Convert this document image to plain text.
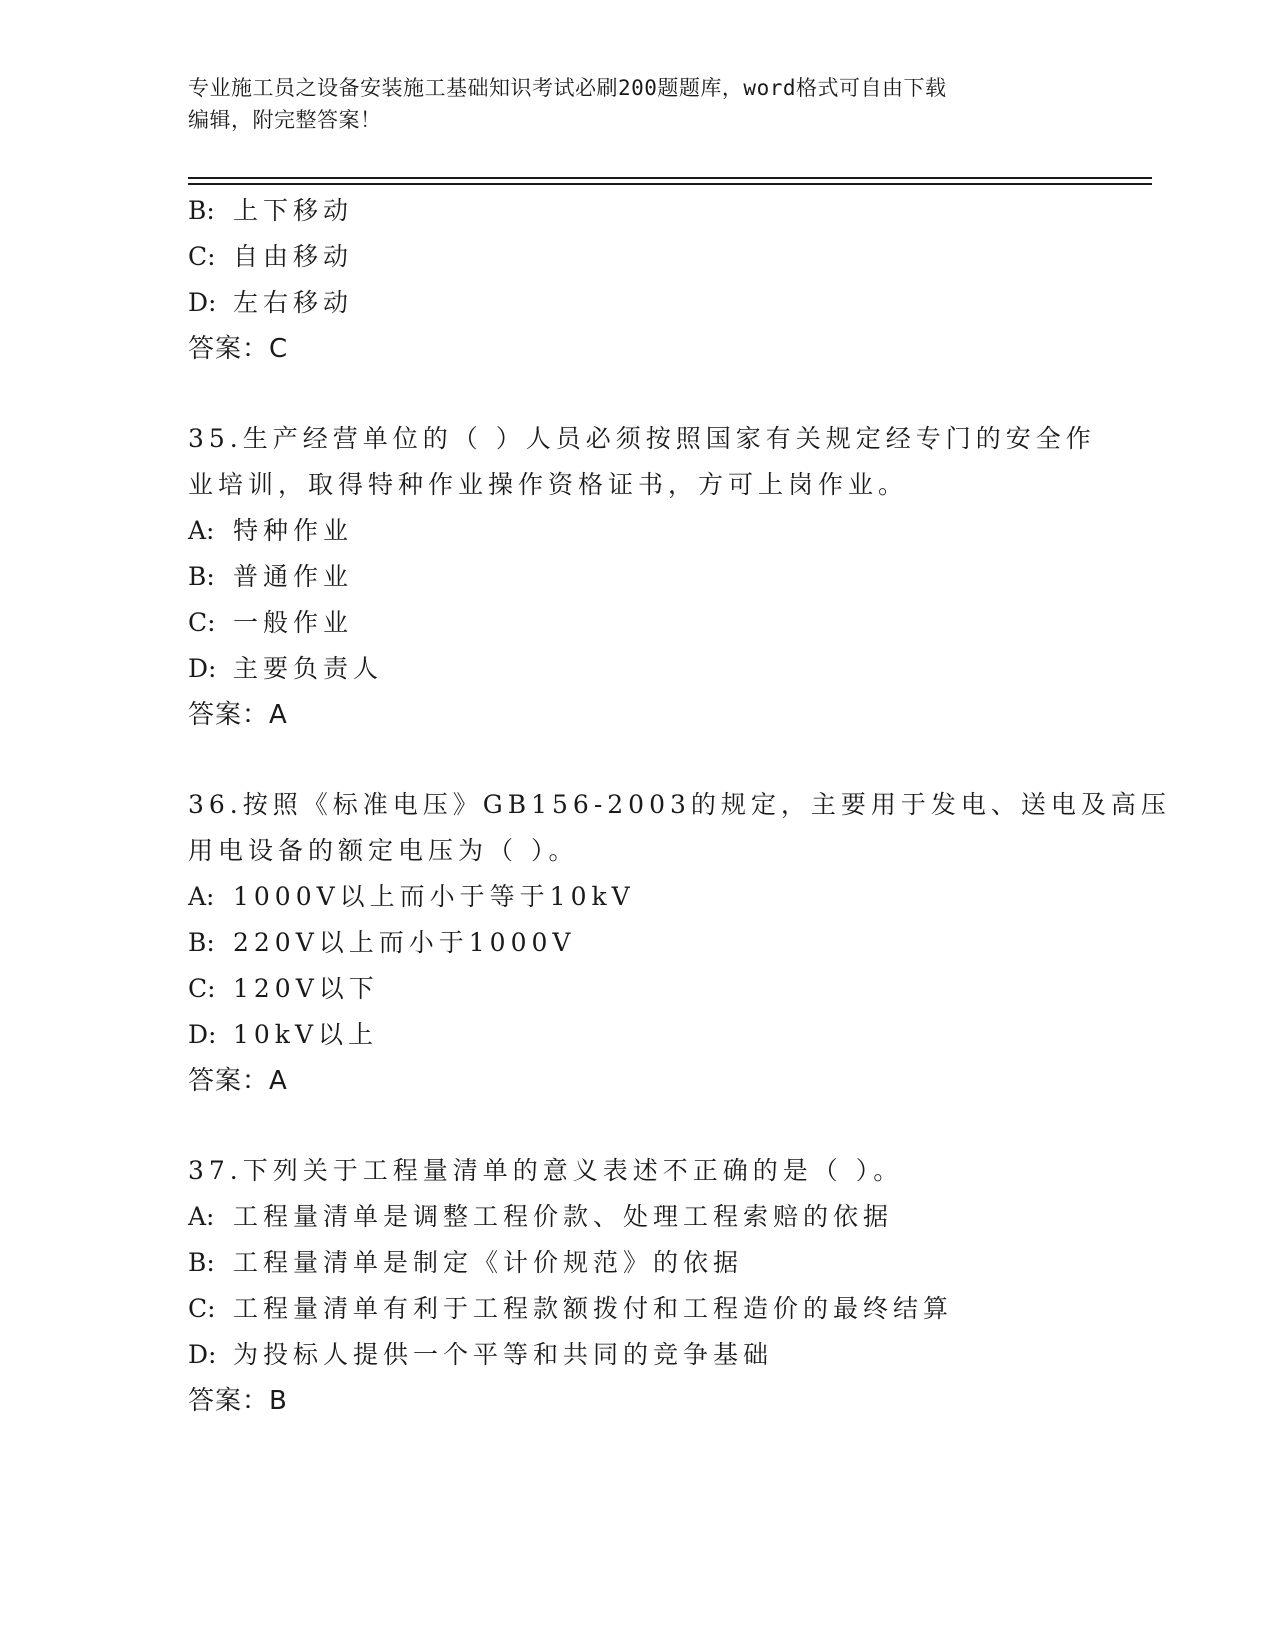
专业施工员之设备安装施工基础知识考试必刷200题题库，word格式可自由下载
编辑，附完整答案！
B: 上下移动
C: 自由移动
D: 左右移动
答案：C
35.生产经营单位的（ ）人员必须按照国家有关规定经专门的安全作
业培训，取得特种作业操作资格证书，方可上岗作业。
A: 特种作业
B: 普通作业
C: 一般作业
D: 主要负责人
答案：A
36.按照《标准电压》GB156-2003的规定，主要用于发电、送电及高压
用电设备的额定电压为（ ）。
A: 1000V以上而小于等于10kV
B: 220V以上而小于1000V
C: 120V以下
D: 10kV以上
答案：A
37.下列关于工程量清单的意义表述不正确的是（ ）。
A: 工程量清单是调整工程价款、处理工程索赔的依据
B: 工程量清单是制定《计价规范》的依据
C: 工程量清单有利于工程款额拨付和工程造价的最终结算
D: 为投标人提供一个平等和共同的竞争基础
答案：B
